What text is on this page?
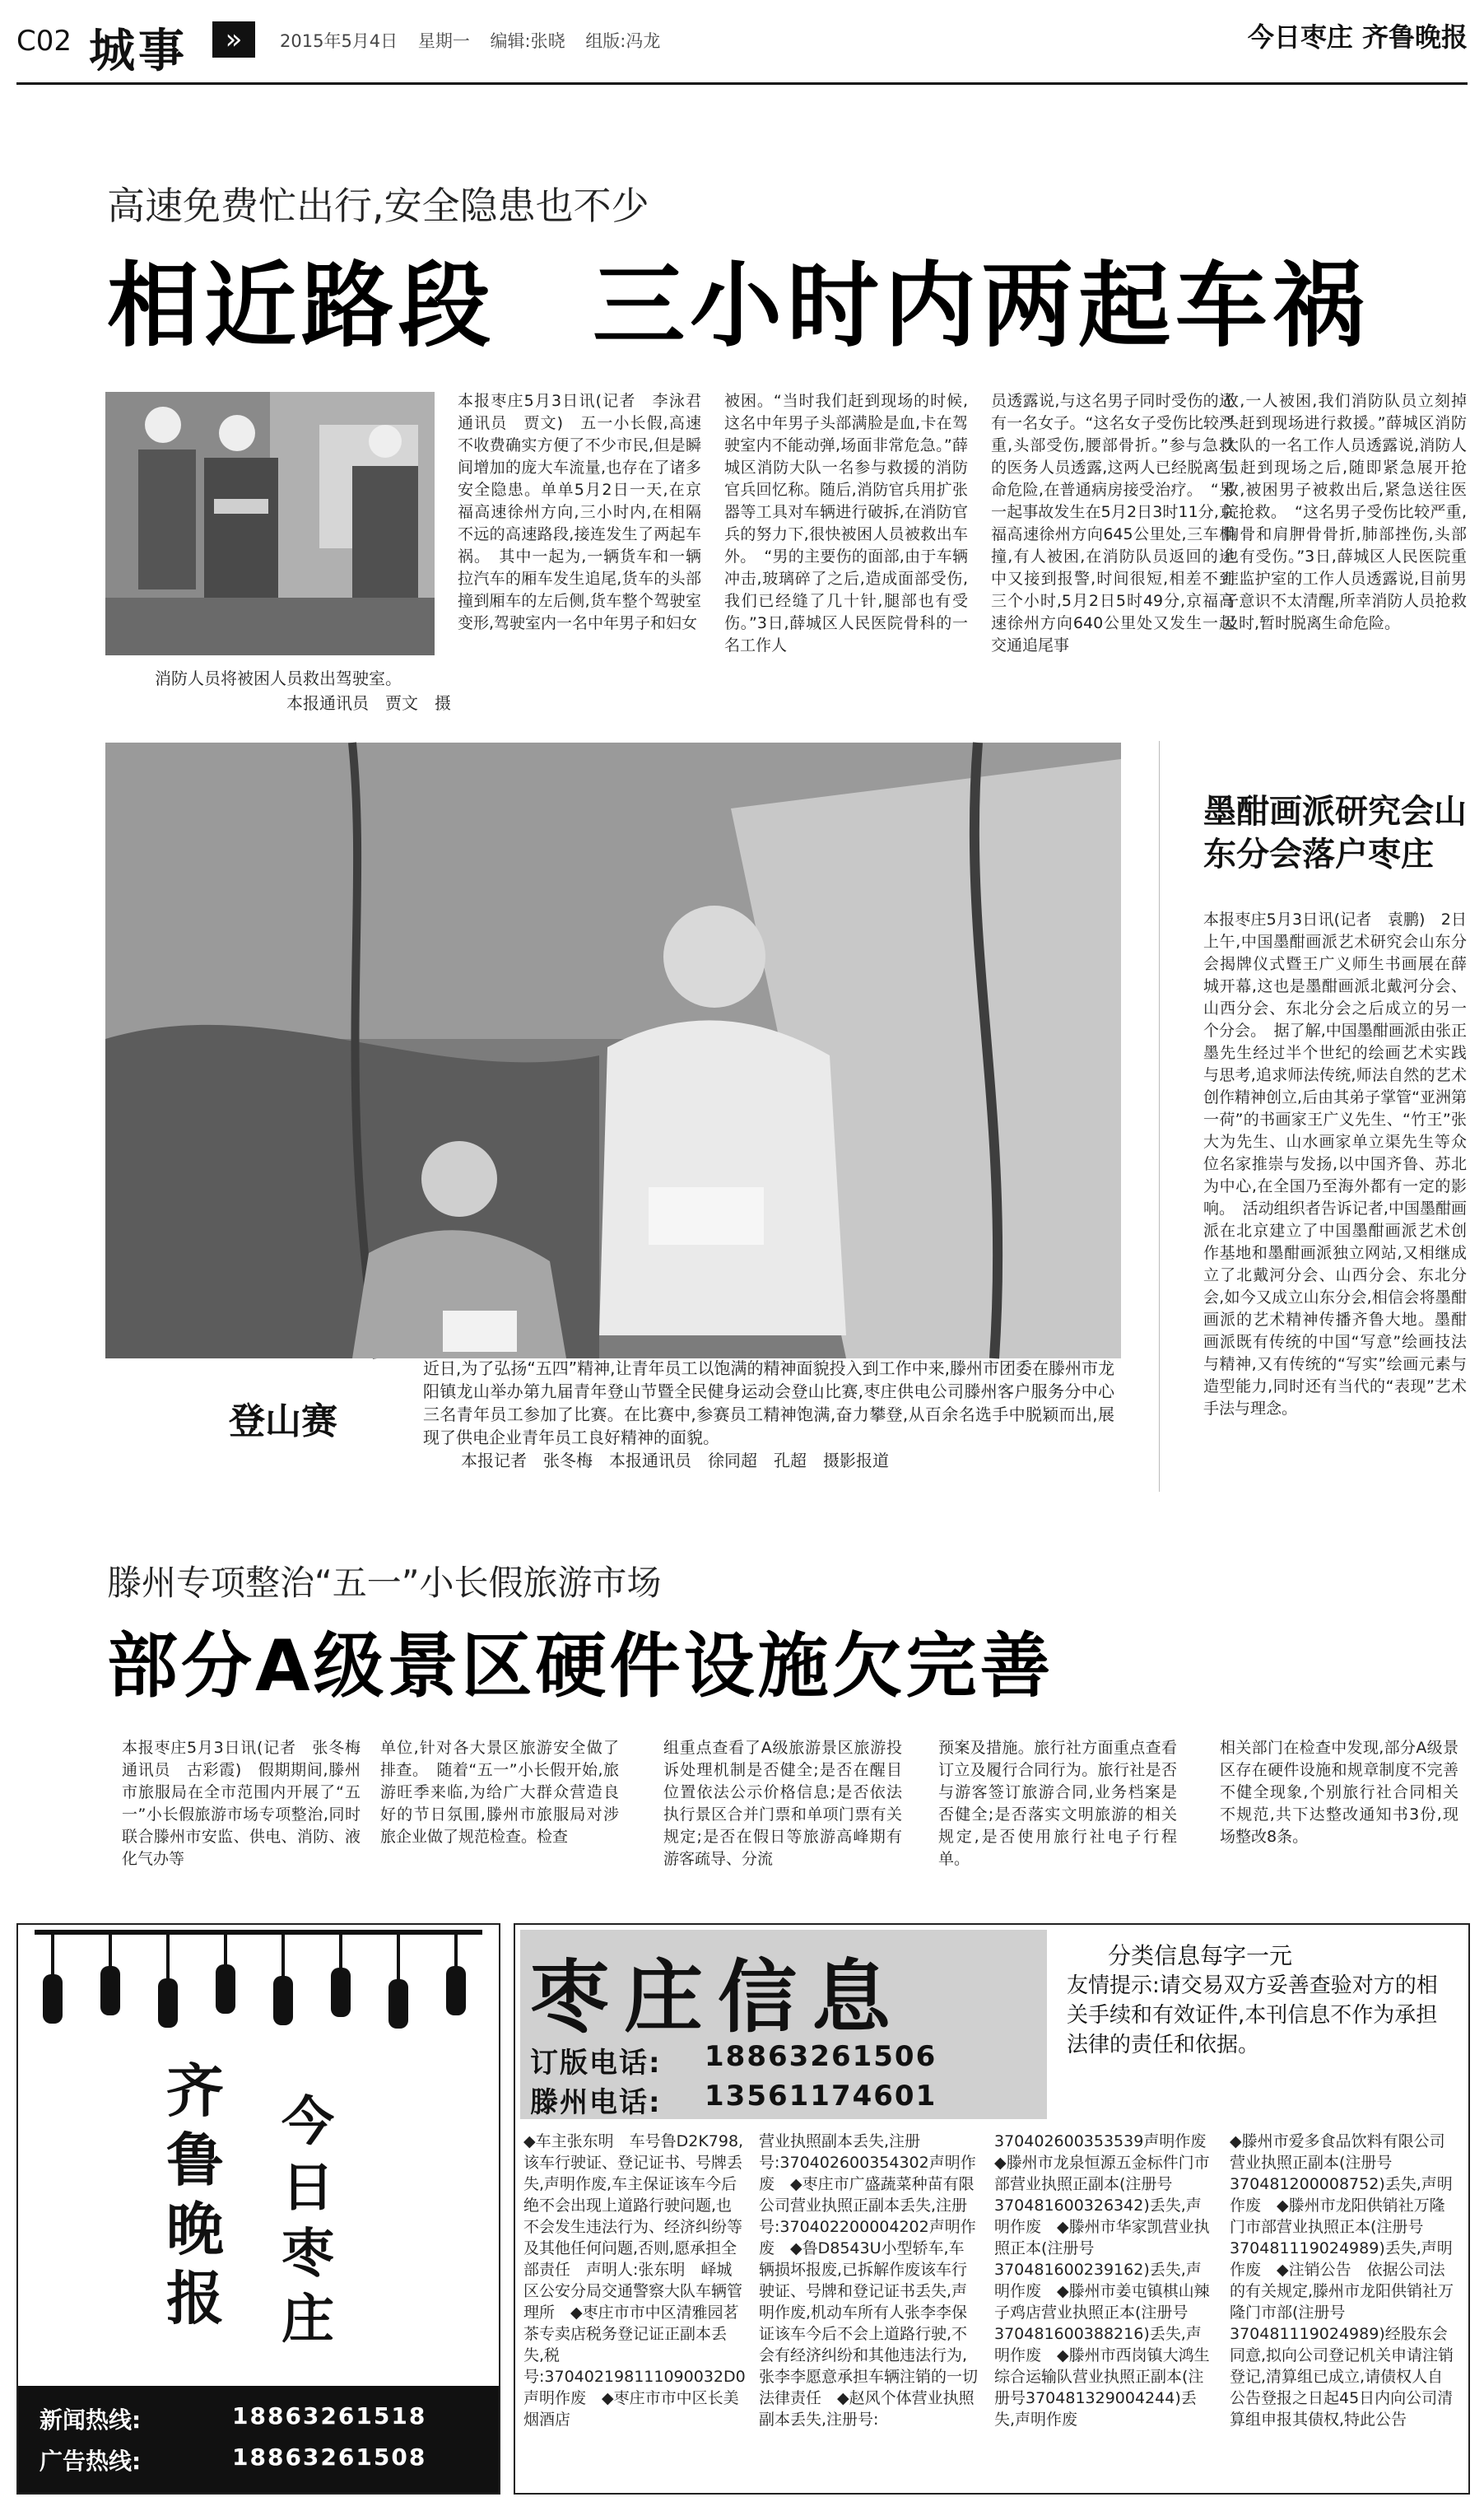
C02 城事	»	2015年5月4日 星期一 编辑:张晓 组版:冯龙	今日枣庄 齐鲁晚报
高速免费忙出行,安全隐患也不少
相近路段　三小时内两起车祸
消防人员将被困人员救出驾驶室。
本报通讯员　贾文　摄
本报枣庄5月3日讯(记者　李泳君　通讯员　贾文)　五一小长假,高速不收费确实方便了不少市民,但是瞬间增加的庞大车流量,也存在了诸多安全隐患。单单5月2日一天,在京福高速徐州方向,三小时内,在相隔不远的高速路段,接连发生了两起车祸。　其中一起为,一辆货车和一辆拉汽车的厢车发生追尾,货车的头部撞到厢车的左后侧,货车整个驾驶室变形,驾驶室内一名中年男子和妇女
被困。“当时我们赶到现场的时候,这名中年男子头部满脸是血,卡在驾驶室内不能动弹,场面非常危急。”薛城区消防大队一名参与救援的消防官兵回忆称。随后,消防官兵用扩张器等工具对车辆进行破拆,在消防官兵的努力下,很快被困人员被救出车外。　“男的主要伤的面部,由于车辆冲击,玻璃碎了之后,造成面部受伤,我们已经缝了几十针,腿部也有受伤。”3日,薛城区人民医院骨科的一名工作人
员透露说,与这名男子同时受伤的还有一名女子。“这名女子受伤比较严重,头部受伤,腰部骨折。”参与急救的医务人员透露,这两人已经脱离生命危险,在普通病房接受治疗。　“另一起事故发生在5月2日3时11分,京福高速徐州方向645公里处,三车相撞,有人被困,在消防队员返回的途中又接到报警,时间很短,相差不到三个小时,5月2日5时49分,京福高速徐州方向640公里处又发生一起交通追尾事
故,一人被困,我们消防队员立刻掉头赶到现场进行救援。”薛城区消防大队的一名工作人员透露说,消防人员赶到现场之后,随即紧急展开抢救,被困男子被救出后,紧急送往医院抢救。　“这名男子受伤比较严重,胸骨和肩胛骨骨折,肺部挫伤,头部也有受伤。”3日,薛城区人民医院重症监护室的工作人员透露说,目前男子意识不太清醒,所幸消防人员抢救及时,暂时脱离生命危险。
登山赛
近日,为了弘扬“五四”精神,让青年员工以饱满的精神面貌投入到工作中来,滕州市团委在滕州市龙阳镇龙山举办第九届青年登山节暨全民健身运动会登山比赛,枣庄供电公司滕州客户服务分中心三名青年员工参加了比赛。在比赛中,参赛员工精神饱满,奋力攀登,从百余名选手中脱颖而出,展现了供电企业青年员工良好精神的面貌。
本报记者　张冬梅　本报通讯员　徐同超　孔超　摄影报道
墨酣画派研究会山东分会落户枣庄
本报枣庄5月3日讯(记者　袁鹏)　2日上午,中国墨酣画派艺术研究会山东分会揭牌仪式暨王广义师生书画展在薛城开幕,这也是墨酣画派北戴河分会、山西分会、东北分会之后成立的另一个分会。　据了解,中国墨酣画派由张正墨先生经过半个世纪的绘画艺术实践与思考,追求师法传统,师法自然的艺术创作精神创立,后由其弟子掌管“亚洲第一荷”的书画家王广义先生、“竹王”张大为先生、山水画家单立渠先生等众位名家推崇与发扬,以中国齐鲁、苏北为中心,在全国乃至海外都有一定的影响。　活动组织者告诉记者,中国墨酣画派在北京建立了中国墨酣画派艺术创作基地和墨酣画派独立网站,又相继成立了北戴河分会、山西分会、东北分会,如今又成立山东分会,相信会将墨酣画派的艺术精神传播齐鲁大地。墨酣画派既有传统的中国“写意”绘画技法与精神,又有传统的“写实”绘画元素与造型能力,同时还有当代的“表现”艺术手法与理念。
滕州专项整治“五一”小长假旅游市场
部分A级景区硬件设施欠完善
本报枣庄5月3日讯(记者　张冬梅　通讯员　古彩霞)　假期期间,滕州市旅服局在全市范围内开展了“五一”小长假旅游市场专项整治,同时联合滕州市安监、供电、消防、液化气办等
单位,针对各大景区旅游安全做了排查。　随着“五一”小长假开始,旅游旺季来临,为给广大群众营造良好的节日氛围,滕州市旅服局对涉旅企业做了规范检查。检查
组重点查看了A级旅游景区旅游投诉处理机制是否健全;是否在醒目位置依法公示价格信息;是否依法执行景区合并门票和单项门票有关规定;是否在假日等旅游高峰期有游客疏导、分流
预案及措施。旅行社方面重点查看订立及履行合同行为。旅行社是否与游客签订旅游合同,业务档案是否健全;是否落实文明旅游的相关规定,是否使用旅行社电子行程单。
相关部门在检查中发现,部分A级景区存在硬件设施和规章制度不完善不健全现象,个别旅行社合同相关不规范,共下达整改通知书3份,现场整改8条。
齐鲁晚报
今日枣庄
新闻热线:	18863261518
广告热线:	18863261508
枣庄信息
订版电话: 18863261506
滕州电话: 13561174601
分类信息每字一元
友情提示:请交易双方妥善查验对方的相关手续和有效证件,本刊信息不作为承担法律的责任和依据。
◆车主张东明　车号鲁D2K798,该车行驶证、登记证书、号牌丢失,声明作废,车主保证该车今后绝不会出现上道路行驶问题,也不会发生违法行为、经济纠纷等及其他任何问题,否则,愿承担全部责任　声明人:张东明　峄城区公安分局交通警察大队车辆管理所　◆枣庄市市中区清雅园茗茶专卖店税务登记证正副本丢失,税号:370402198111090032D0声明作废　◆枣庄市市中区长美烟酒店
营业执照副本丢失,注册号:370402600354302声明作废　◆枣庄市广盛蔬菜种苗有限公司营业执照正副本丢失,注册号:370402200004202声明作废　◆鲁D8543U小型轿车,车辆损坏报废,已拆解作废该车行驶证、号牌和登记证书丢失,声明作废,机动车所有人张李李保证该车今后不会上道路行驶,不会有经济纠纷和其他违法行为,张李李愿意承担车辆注销的一切法律责任　◆赵风个体营业执照副本丢失,注册号:
370402600353539声明作废　◆滕州市龙泉恒源五金标件门市部营业执照正副本(注册号370481600326342)丢失,声明作废　◆滕州市华家凯营业执照正本(注册号370481600239162)丢失,声明作废　◆滕州市姜屯镇棋山辣子鸡店营业执照正本(注册号370481600388216)丢失,声明作废　◆滕州市西岗镇大鸿生综合运输队营业执照正副本(注册号370481329004244)丢失,声明作废
◆滕州市爱多食品饮料有限公司营业执照正副本(注册号370481200008752)丢失,声明作废　◆滕州市龙阳供销社万隆门市部营业执照正本(注册号370481119024989)丢失,声明作废　◆注销公告　依据公司法的有关规定,滕州市龙阳供销社万隆门市部(注册号370481119024989)经股东会同意,拟向公司登记机关申请注销登记,清算组已成立,请债权人自公告登报之日起45日内向公司清算组申报其债权,特此公告
